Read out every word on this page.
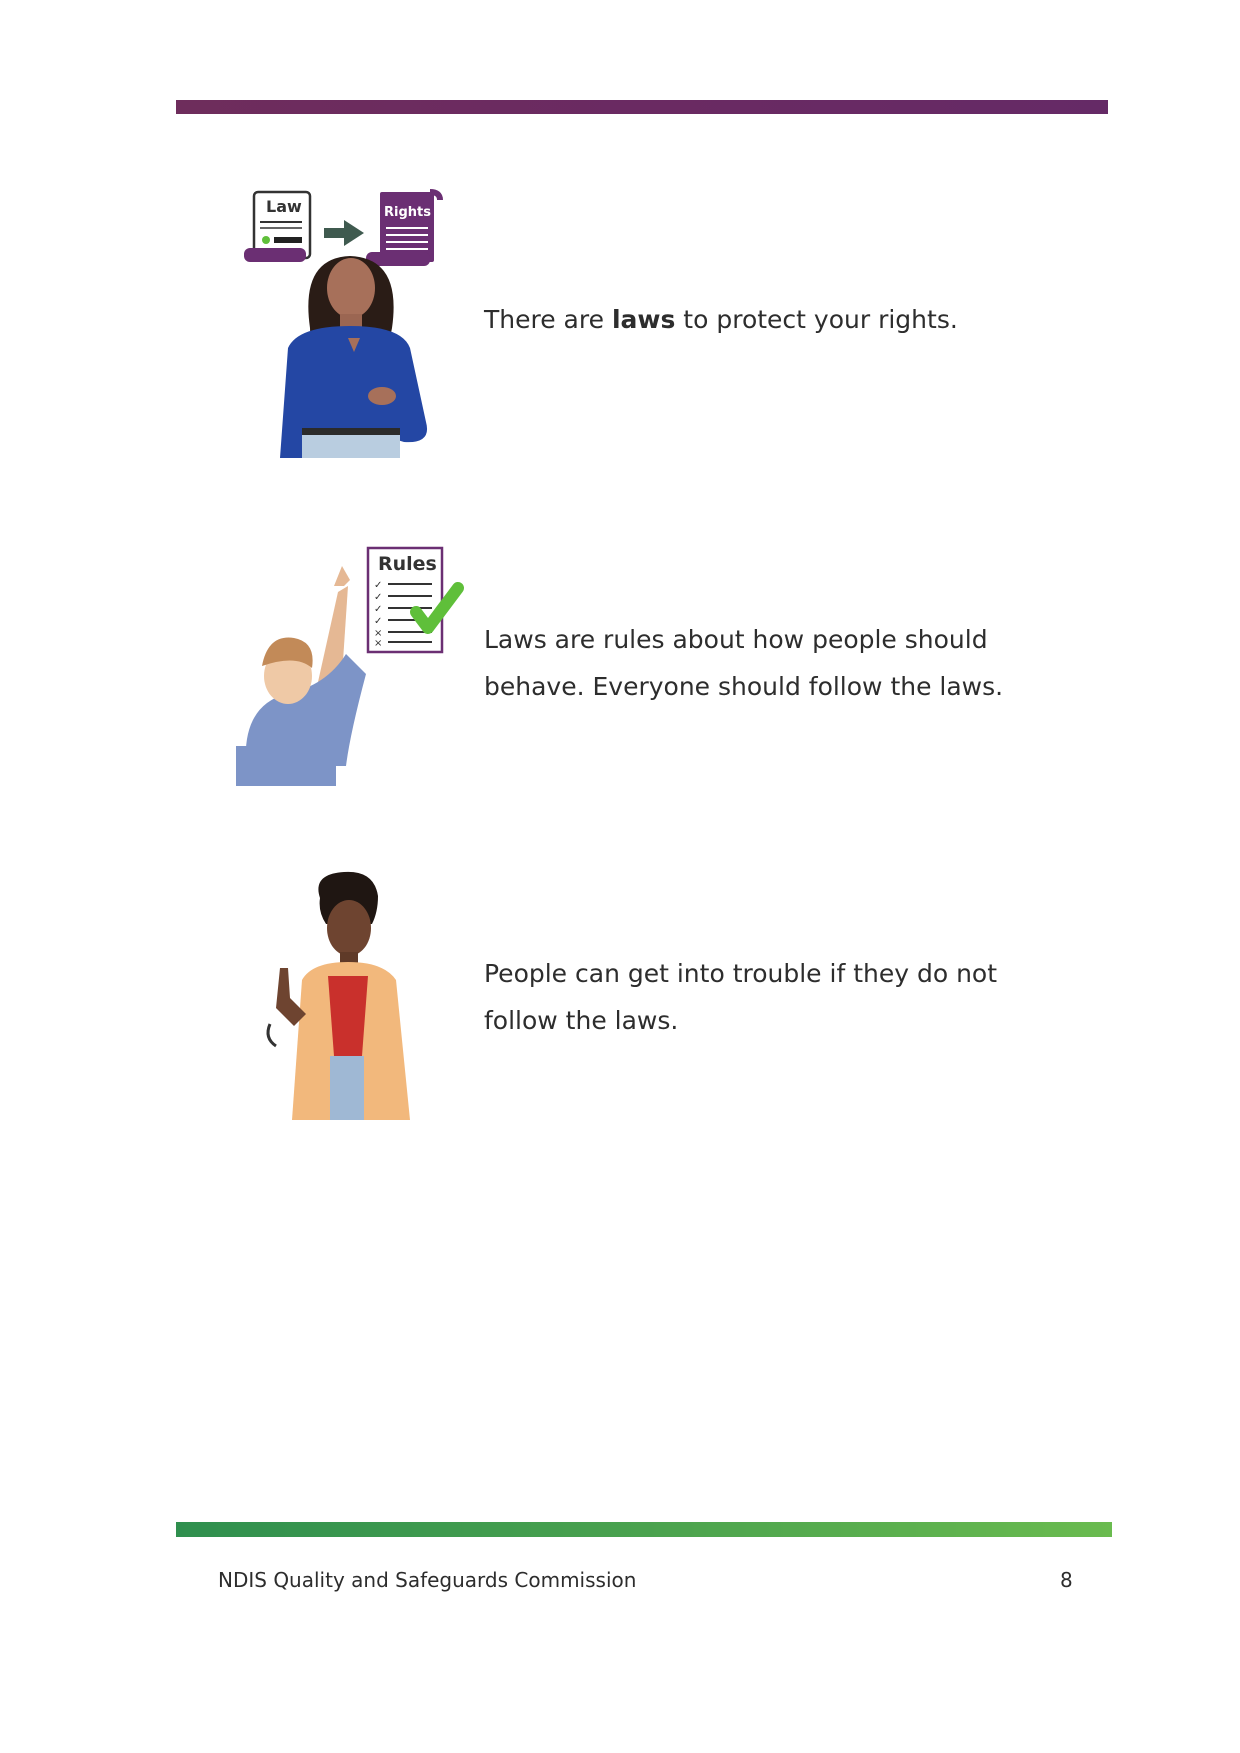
Law	Rights
There are laws to protect your rights.
Rules
✓
✓
✓
✓
×
×	Laws are rules about how people should behave. Everyone should follow the laws.
People can get into trouble if they do not follow the laws.
NDIS Quality and Safeguards Commission	8
